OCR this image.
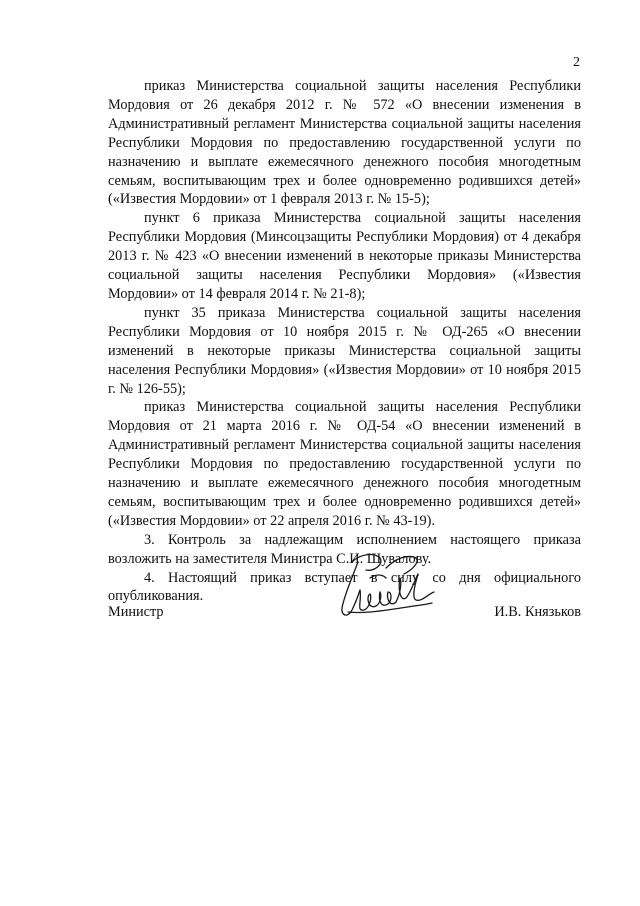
2

приказ Министерства социальной защиты населения Республики Мордовия от 26 декабря 2012 г. № 572 «О внесении изменения в Административный регламент Министерства социальной защиты населения Республики Мордовия по предоставлению государственной услуги по назначению и выплате ежемесячного денежного пособия многодетным семьям, воспитывающим трех и более одновременно родившихся детей» («Известия Мордовии» от 1 февраля 2013 г. № 15-5);

пункт 6 приказа Министерства социальной защиты населения Республики Мордовия (Минсоцзащиты Республики Мордовия) от 4 декабря 2013 г. № 423 «О внесении изменений в некоторые приказы Министерства социальной защиты населения Республики Мордовия» («Известия Мордовии» от 14 февраля 2014 г. № 21-8);

пункт 35 приказа Министерства социальной защиты населения Республики Мордовия от 10 ноября 2015 г. № ОД-265 «О внесении изменений в некоторые приказы Министерства социальной защиты населения Республики Мордовия» («Известия Мордовии» от 10 ноября 2015 г. № 126-55);

приказ Министерства социальной защиты населения Республики Мордовия от 21 марта 2016 г. № ОД-54 «О внесении изменений в Административный регламент Министерства социальной защиты населения Республики Мордовия по предоставлению государственной услуги по назначению и выплате ежемесячного денежного пособия многодетным семьям, воспитывающим трех и более одновременно родившихся детей» («Известия Мордовии» от 22 апреля 2016 г. № 43-19).

3. Контроль за надлежащим исполнением настоящего приказа возложить на заместителя Министра С.И. Шувалову.

4. Настоящий приказ вступает в силу со дня официального опубликования.

Министр	И.В. Князьков
